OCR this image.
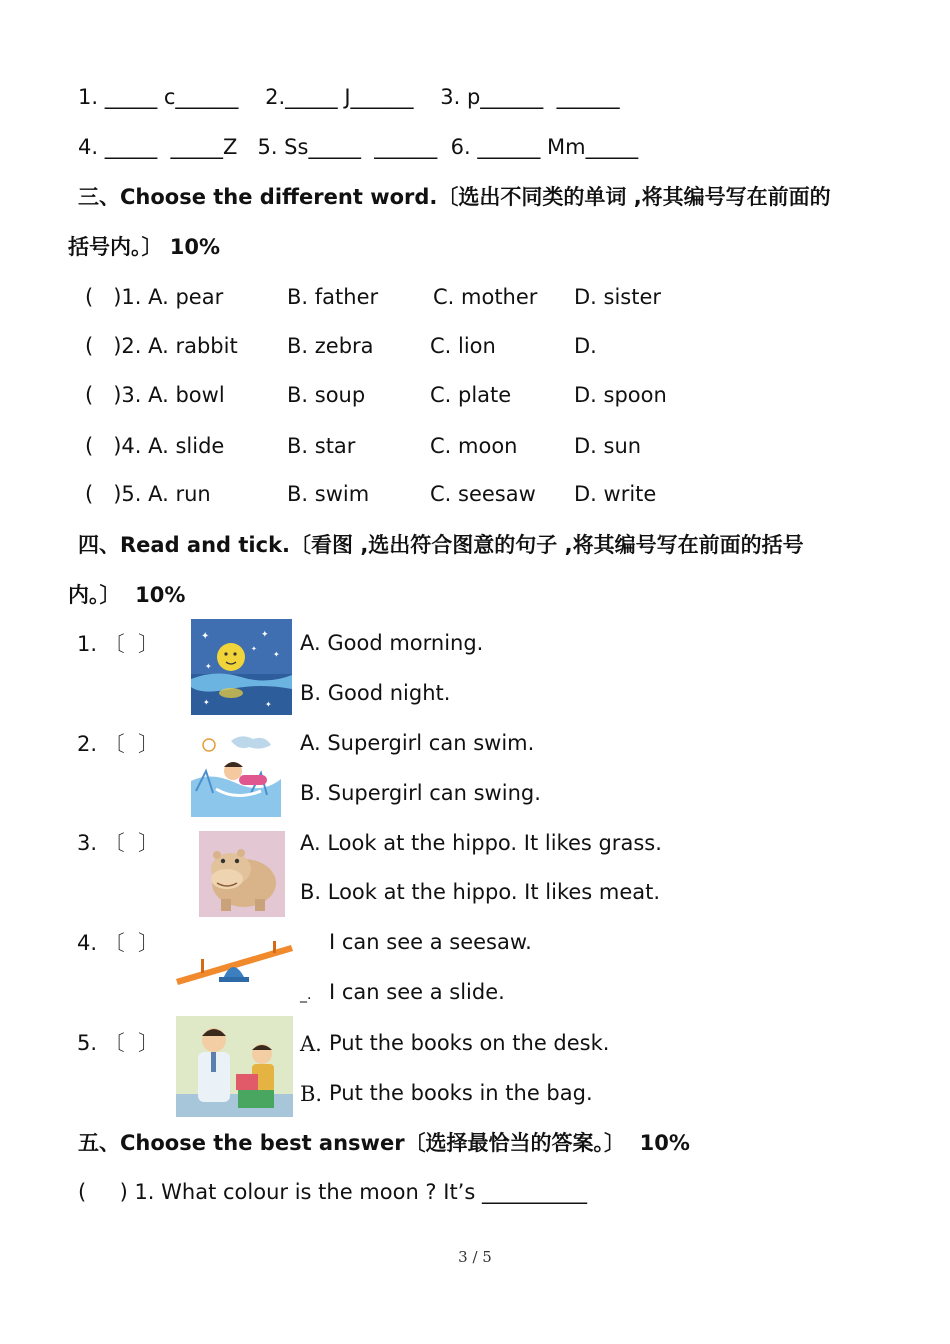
1. _____ c______    2._____ J______    3. p______  ______
4. _____  _____Z   5. Ss_____  ______  6. ______ Mm_____
三、Choose the different word.〔选出不同类的单词 ,将其编号写在前面的
括号内。〕 10%
(   )1. A. pear	B. father	C. mother D. sister
(   )2. A. rabbit B. zebra	C. lion	D.
(   )3. A. bowl	B. soup	C. plate	D. spoon
(   )4. A. slide	B. star	C. moon	D. sun
(   )5. A. run	B. swim	C. seesaw D. write
四、Read and tick.〔看图 ,选出符合图意的句子 ,将其编号写在前面的括号
内。〕  10%
1. 〔  〕	✦	✦
✦
✦
✦
✦	✦
A. Good morning.
B. Good night.
2. 〔  〕	A. Supergirl can swim.
B. Supergirl can swing.
3. 〔  〕	A. Look at the hippo. It likes grass.
B. Look at the hippo. It likes meat.
4. 〔  〕	I can see a seesaw.
_. I can see a slide.
5. 〔  〕	A. Put the books on the desk.
B. Put the books in the bag.
五、Choose the best answer〔选择最恰当的答案。〕  10%
(     ) 1. What colour is the moon ? It’s __________
3 / 5
